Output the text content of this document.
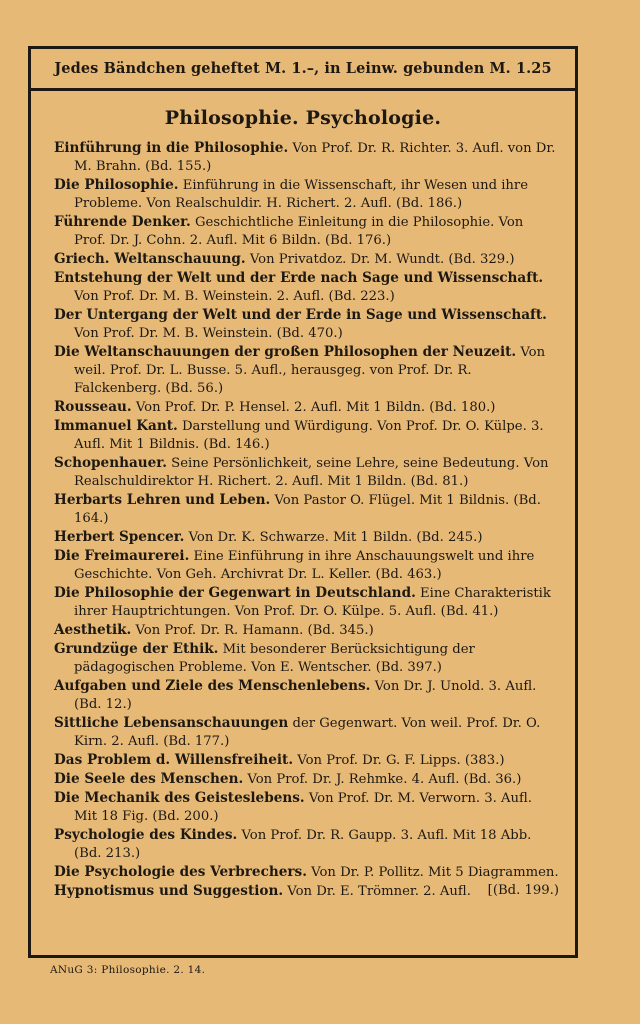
Jedes Bändchen geheftet M. 1.–, in Leinw. gebunden M. 1.25
Philosophie. Psychologie.
Einführung in die Philosophie. Von Prof. Dr. R. Richter. 3. Aufl. von Dr. M. Brahn. (Bd. 155.)
Die Philosophie. Einführung in die Wissenschaft, ihr Wesen und ihre Probleme. Von Realschuldir. H. Richert. 2. Aufl. (Bd. 186.)
Führende Denker. Geschichtliche Einleitung in die Philosophie. Von Prof. Dr. J. Cohn. 2. Aufl. Mit 6 Bildn. (Bd. 176.)
Griech. Weltanschauung. Von Privatdoz. Dr. M. Wundt. (Bd. 329.)
Entstehung der Welt und der Erde nach Sage und Wissenschaft. Von Prof. Dr. M. B. Weinstein. 2. Aufl. (Bd. 223.)
Der Untergang der Welt und der Erde in Sage und Wissenschaft. Von Prof. Dr. M. B. Weinstein. (Bd. 470.)
Die Weltanschauungen der großen Philosophen der Neuzeit. Von weil. Prof. Dr. L. Busse. 5. Aufl., herausgeg. von Prof. Dr. R. Falckenberg. (Bd. 56.)
Rousseau. Von Prof. Dr. P. Hensel. 2. Aufl. Mit 1 Bildn. (Bd. 180.)
Immanuel Kant. Darstellung und Würdigung. Von Prof. Dr. O. Külpe. 3. Aufl. Mit 1 Bildnis. (Bd. 146.)
Schopenhauer. Seine Persönlichkeit, seine Lehre, seine Bedeutung. Von Realschuldirektor H. Richert. 2. Aufl. Mit 1 Bildn. (Bd. 81.)
Herbarts Lehren und Leben. Von Pastor O. Flügel. Mit 1 Bildnis. (Bd. 164.)
Herbert Spencer. Von Dr. K. Schwarze. Mit 1 Bildn. (Bd. 245.)
Die Freimaurerei. Eine Einführung in ihre Anschauungswelt und ihre Geschichte. Von Geh. Archivrat Dr. L. Keller. (Bd. 463.)
Die Philosophie der Gegenwart in Deutschland. Eine Charakteristik ihrer Hauptrichtungen. Von Prof. Dr. O. Külpe. 5. Aufl. (Bd. 41.)
Aesthetik. Von Prof. Dr. R. Hamann. (Bd. 345.)
Grundzüge der Ethik. Mit besonderer Berücksichtigung der pädagogischen Probleme. Von E. Wentscher. (Bd. 397.)
Aufgaben und Ziele des Menschenlebens. Von Dr. J. Unold. 3. Aufl. (Bd. 12.)
Sittliche Lebensanschauungen der Gegenwart. Von weil. Prof. Dr. O. Kirn. 2. Aufl. (Bd. 177.)
Das Problem d. Willensfreiheit. Von Prof. Dr. G. F. Lipps. (383.)
Die Seele des Menschen. Von Prof. Dr. J. Rehmke. 4. Aufl. (Bd. 36.)
Die Mechanik des Geisteslebens. Von Prof. Dr. M. Verworn. 3. Aufl. Mit 18 Fig. (Bd. 200.)
Psychologie des Kindes. Von Prof. Dr. R. Gaupp. 3. Aufl. Mit 18 Abb. (Bd. 213.)
Die Psychologie des Verbrechers. Von Dr. P. Pollitz. Mit 5 Diagrammen.
[(Bd. 199.)
Hypnotismus und Suggestion. Von Dr. E. Trömner. 2. Aufl.
ANuG 3: Philosophie. 2. 14.
